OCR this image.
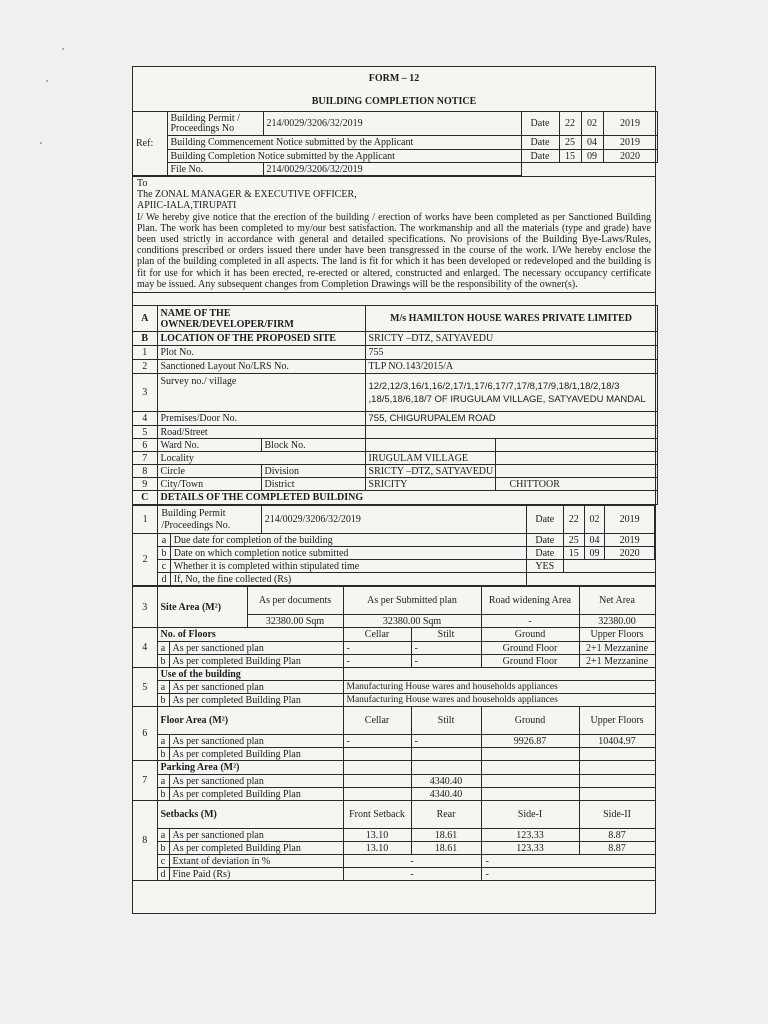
FORM – 12
BUILDING COMPLETION NOTICE
Ref:	Building Permit / Proceedings No	214/0029/3206/32/2019	Date	22	02	2019
	Building Commencement Notice submitted by the Applicant		Date	25	04	2019
	Building Completion Notice submitted by the Applicant		Date	15	09	2020
	File No.	214/0029/3206/32/2019				

To

The ZONAL MANAGER & EXECUTIVE OFFICER,

APIIC-IALA,TIRUPATI

I/ We hereby give notice that the erection of the building / erection of works have been completed as per Sanctioned Building Plan. The work has been completed to my/our best satisfaction. The workmanship and all the materials (type and grade) have been used strictly in accordance with general and detailed specifications. No provisions of the Building Bye-Laws/Rules, conditions prescribed or orders issued there under have been transgressed in the course of the work. I/We hereby enclose the plan of the building completed in all aspects. The land is fit for which it has been developed or redeveloped and the building is fit for use for which it has been erected, re-erected or altered, constructed and enlarged. The necessary occupancy certificate may be issued. Any subsequent changes from Completion Drawings will be the responsibility of the owner(s).

A	NAME OF THE OWNER/DEVELOPER/FIRM		M/s HAMILTON HOUSE WARES PRIVATE LIMITED	
B	LOCATION OF THE PROPOSED SITE		SRICTY –DTZ, SATYAVEDU	
1	Plot No.		755	
2	Sanctioned Layout No/LRS No.		TLP NO.143/2015/A	
3	Survey no./ village		12/2,12/3,16/1,16/2,17/1,17/6,17/7,17/8,17/9,18/1,18/2,18/3 ,18/5,18/6,18/7 OF IRUGULAM VILLAGE, SATYAVEDU MANDAL	
4	Premises/Door No.		755, CHIGURUPALEM ROAD	
5	Road/Street			
6	Ward No.	Block No.		
7	Locality		IRUGULAM VILLAGE	
8	Circle	Division	SRICTY –DTZ, SATYAVEDU	
9	City/Town	District	SRICITY	CHITTOOR
C	DETAILS OF THE COMPLETED BUILDING			
1	Building Permit /Proceedings No.		214/0029/3206/32/2019	Date	22	02	2019
2	a	Due date for completion of the building		Date	25	04	2019
	b	Date on which completion notice submitted		Date	15	09	2020
	c	Whether it is completed within stipulated time		YES			
	d	If, No, the fine collected (Rs)					
3	Site Area (M²)		As per documents	As per Submitted plan		Road widening Area	Net Area
			32380.00 Sqm	32380.00 Sqm		-	32380.00
4	No. of Floors			Cellar	Stilt	Ground	Upper Floors
	a	As per sanctioned plan		-	-	Ground Floor	2+1 Mezzanine
	b	As per completed Building Plan		-	-	Ground Floor	2+1 Mezzanine
5	Use of the building						
	a	As per sanctioned plan		Manufacturing House wares and households appliances			
	b	As per completed Building Plan		Manufacturing House wares and households appliances			
6	Floor Area (M²)			Cellar	Stilt	Ground	Upper Floors
	a	As per sanctioned plan		-	-	9926.87	10404.97
	b	As per completed Building Plan					
7	Parking Area (M²)						
	a	As per sanctioned plan			4340.40		
	b	As per completed Building Plan			4340.40		
8	Setbacks (M)			Front Setback	Rear	Side-I	Side-II
	a	As per sanctioned plan		13.10	18.61	123.33	8.87
	b	As per completed Building Plan		13.10	18.61	123.33	8.87
	c	Extant of deviation in %		-		-	
	d	Fine Paid (Rs)		-		-	
